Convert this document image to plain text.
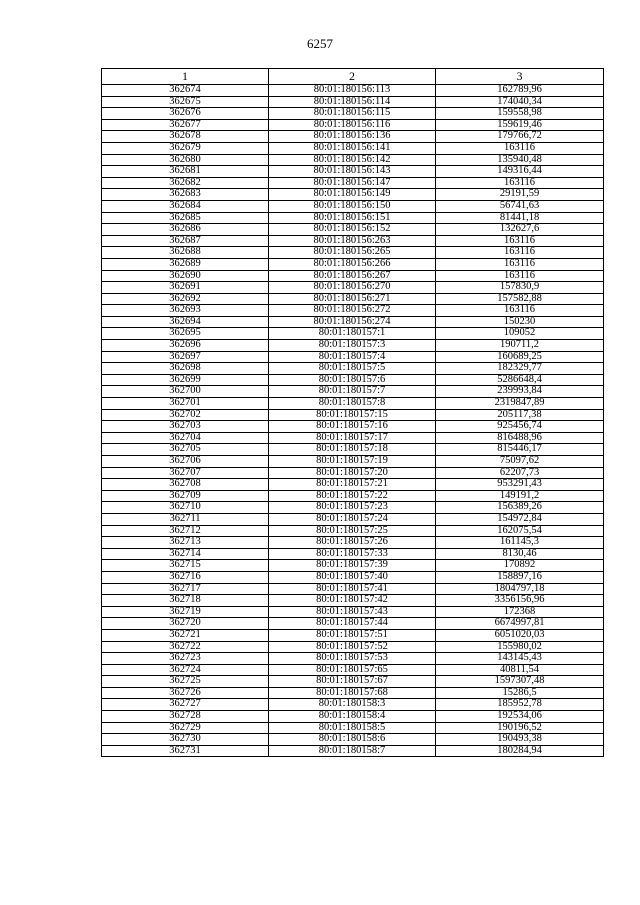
6257
1	2	3
362674	80:01:180156:113	162789,96
362675	80:01:180156:114	174040,34
362676	80:01:180156:115	159558,98
362677	80:01:180156:116	159619,46
362678	80:01:180156:136	179766,72
362679	80:01:180156:141	163116
362680	80:01:180156:142	135940,48
362681	80:01:180156:143	149316,44
362682	80:01:180156:147	163116
362683	80:01:180156:149	29191,59
362684	80:01:180156:150	56741,63
362685	80:01:180156:151	81441,18
362686	80:01:180156:152	132627,6
362687	80:01:180156:263	163116
362688	80:01:180156:265	163116
362689	80:01:180156:266	163116
362690	80:01:180156:267	163116
362691	80:01:180156:270	157830,9
362692	80:01:180156:271	157582,88
362693	80:01:180156:272	163116
362694	80:01:180156:274	150230
362695	80:01:180157:1	109052
362696	80:01:180157:3	190711,2
362697	80:01:180157:4	160689,25
362698	80:01:180157:5	182329,77
362699	80:01:180157:6	5286648,4
362700	80:01:180157:7	239993,84
362701	80:01:180157:8	2319847,89
362702	80:01:180157:15	205117,38
362703	80:01:180157:16	925456,74
362704	80:01:180157:17	816488,96
362705	80:01:180157:18	815446,17
362706	80:01:180157:19	75097,62
362707	80:01:180157:20	62207,73
362708	80:01:180157:21	953291,43
362709	80:01:180157:22	149191,2
362710	80:01:180157:23	156389,26
362711	80:01:180157:24	154972,84
362712	80:01:180157:25	162075,54
362713	80:01:180157:26	161145,3
362714	80:01:180157:33	8130,46
362715	80:01:180157:39	170892
362716	80:01:180157:40	158897,16
362717	80:01:180157:41	1804797,18
362718	80:01:180157:42	3356156,96
362719	80:01:180157:43	172368
362720	80:01:180157:44	6674997,81
362721	80:01:180157:51	6051020,03
362722	80:01:180157:52	155980,02
362723	80:01:180157:53	143145,43
362724	80:01:180157:65	40811,54
362725	80:01:180157:67	1597307,48
362726	80:01:180157:68	15286,5
362727	80:01:180158:3	185952,78
362728	80:01:180158:4	192534,06
362729	80:01:180158:5	190196,52
362730	80:01:180158:6	190493,38
362731	80:01:180158:7	180284,94
